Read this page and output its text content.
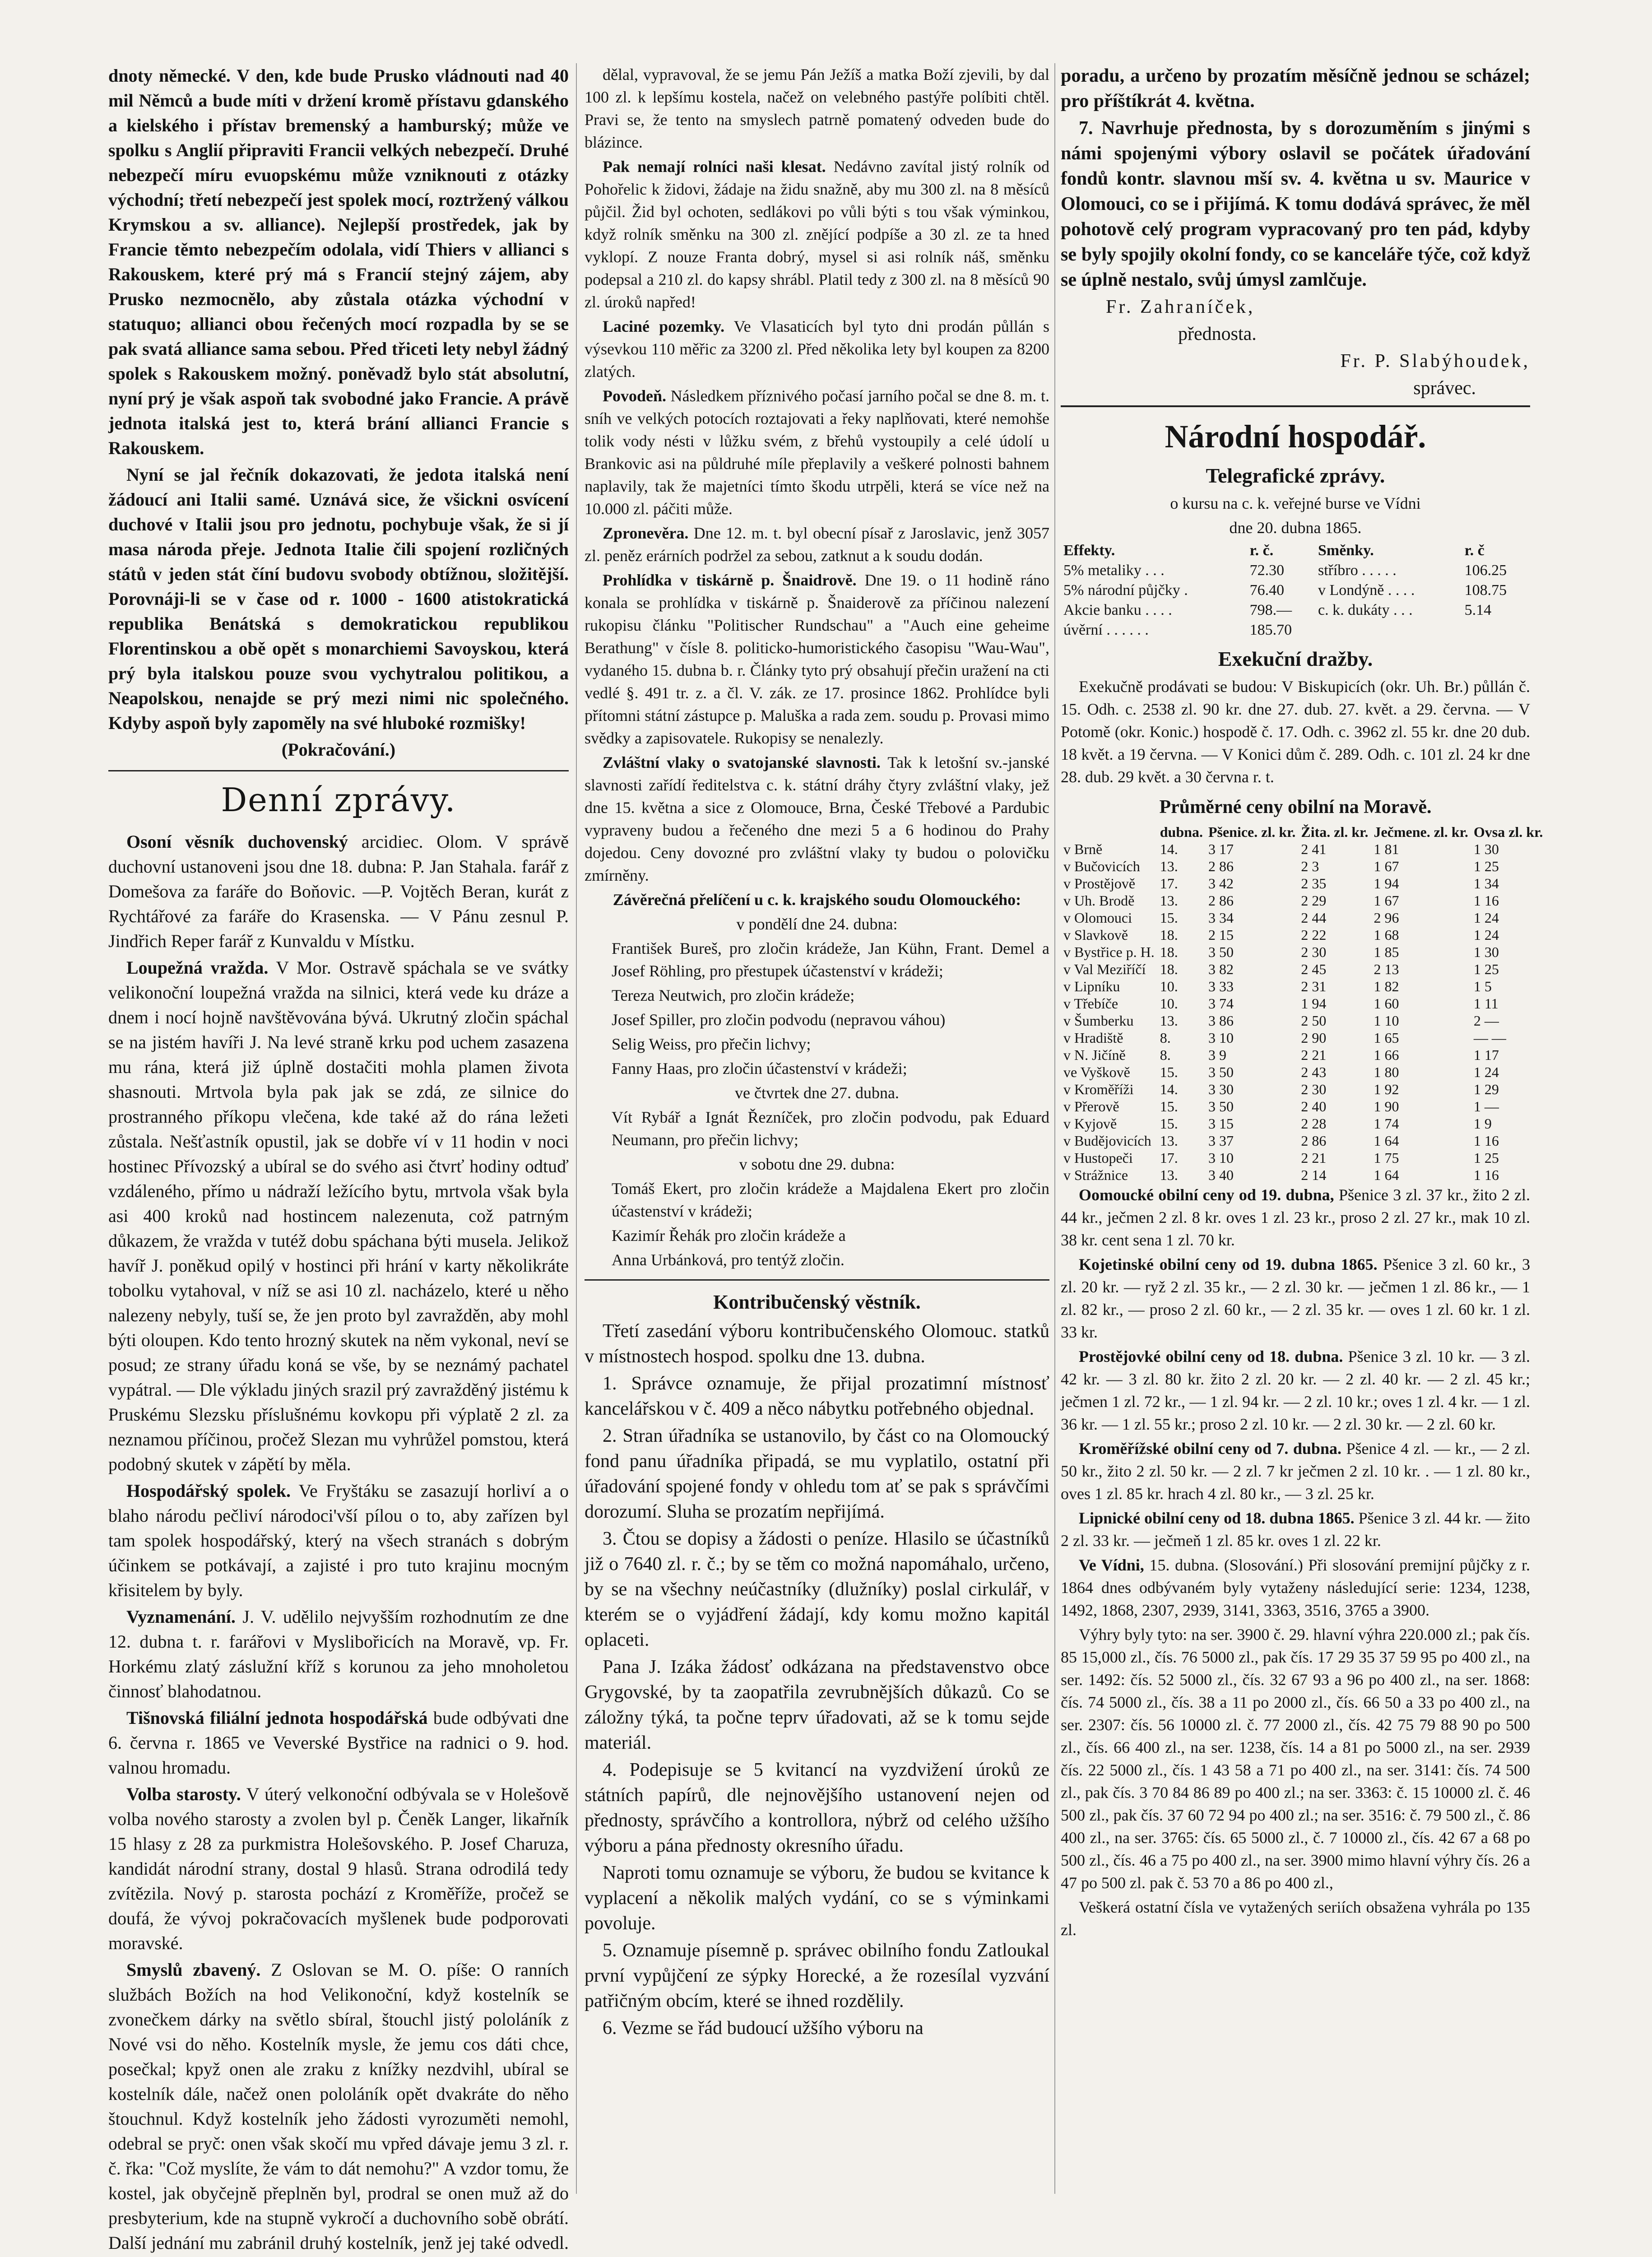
dnoty německé. V den, kde bude Prusko vládnouti nad 40 mil Němců a bude míti v držení kromě přístavu gdanského a kielského i přístav bremenský a hamburský; může ve spolku s Anglií připraviti Francii velkých nebezpečí. Druhé nebezpečí míru evuopskému může vzniknouti z otázky východní; třetí nebezpečí jest spolek mocí, roztržený válkou Krymskou a sv. alliance). Nejlepší prostředek, jak by Francie těmto nebezpečím odolala, vidí Thiers v allianci s Rakouskem, které prý má s Francií stejný zájem, aby Prusko nezmocnělo, aby zůstala otázka východní v statuquo; allianci obou řečených mocí rozpadla by se se pak svatá alliance sama sebou. Před třiceti lety nebyl žádný spolek s Rakouskem možný. poněvadž bylo stát absolutní, nyní prý je však aspoň tak svobodné jako Francie. A právě jednota italská jest to, která brání allianci Francie s Rakouskem.

Nyní se jal řečník dokazovati, že jedota italská není žádoucí ani Italii samé. Uznává sice, že všickni osvícení duchové v Italii jsou pro jednotu, pochybuje však, že si jí masa národa přeje. Jednota Italie čili spojení rozličných států v jeden stát číní budovu svobody obtížnou, složitější. Porovnáji-li se v čase od r. 1000 - 1600 atistokratická republika Benátská s demokratickou republikou Florentinskou a obě opět s monarchiemi Savoyskou, která prý byla italskou pouze svou vychytralou politikou, a Neapolskou, nenajde se prý mezi nimi nic společného. Kdyby aspoň byly zapoměly na své hluboké rozmišky!

(Pokračování.)

Denní zprávy.

Osoní věsník duchovenský arcidiec. Olom. V správě duchovní ustanoveni jsou dne 18. dubna: P. Jan Stahala. farář z Domešova za faráře do Boňovic. —P. Vojtěch Beran, kurát z Rychtářové za faráře do Krasenska. — V Pánu zesnul P. Jindřich Reper farář z Kunvaldu v Místku.

Loupežná vražda. V Mor. Ostravě spáchala se ve svátky velikonoční loupežná vražda na silnici, která vede ku dráze a dnem i nocí hojně navštěvována bývá. Ukrutný zločin spáchal se na jistém havíři J. Na levé straně krku pod uchem zasazena mu rána, která již úplně dostačiti mohla plamen života shasnouti. Mrtvola byla pak jak se zdá, ze silnice do prostranného příkopu vlečena, kde také až do rána ležeti zůstala. Nešťastník opustil, jak se dobře ví v 11 hodin v noci hostinec Přívozský a ubíral se do svého asi čtvrť hodiny odtuď vzdáleného, přímo u nádraží ležícího bytu, mrtvola však byla asi 400 kroků nad hostincem nalezenuta, což patrným důkazem, že vražda v tutéž dobu spáchana býti musela. Jelikož havíř J. poněkud opilý v hostinci při hrání v karty několikráte tobolku vytahoval, v níž se asi 10 zl. nacházelo, které u něho nalezeny nebyly, tuší se, že jen proto byl zavražděn, aby mohl býti oloupen. Kdo tento hrozný skutek na něm vykonal, neví se posud; ze strany úřadu koná se vše, by se neznámý pachatel vypátral. — Dle výkladu jiných srazil prý zavražděný jistému k Pruskému Slezsku příslušnému kovkopu při výplatě 2 zl. za neznamou příčinou, pročež Slezan mu vyhrůžel pomstou, která podobný skutek v zápětí by měla.

Hospodářský spolek. Ve Fryštáku se zasazují horliví a o blaho národu pečliví národoci'vší pílou o to, aby zařízen byl tam spolek hospodářský, který na všech stranách s dobrým účinkem se potkávají, a zajisté i pro tuto krajinu mocným křisitelem by byly.

Vyznamenání. J. V. udělilo nejvyšším rozhodnutím ze dne 12. dubna t. r. farářovi v Myslibořicích na Moravě, vp. Fr. Horkému zlatý záslužní kříž s korunou za jeho mnoholetou činnosť blahodatnou.

Tišnovská filiální jednota hospodářská bude odbývati dne 6. června r. 1865 ve Veverské Bystřice na radnici o 9. hod. valnou hromadu.

Volba starosty. V úterý velkonoční odbývala se v Holešově volba nového starosty a zvolen byl p. Čeněk Langer, likařník 15 hlasy z 28 za purkmistra Holešovského. P. Josef Charuza, kandidát národní strany, dostal 9 hlasů. Strana odrodilá tedy zvítězila. Nový p. starosta pochází z Kroměříže, pročež se doufá, že vývoj pokračovacích myšlenek bude podporovati moravské.

Smyslů zbavený. Z Oslovan se M. O. píše: O ranních službách Božích na hod Velikonoční, když kostelník se zvonečkem dárky na světlo sbíral, štouchl jistý pololáník z Nové vsi do něho. Kostelník mysle, že jemu cos dáti chce, posečkal; kpyž onen ale zraku z knížky nezdvihl, ubíral se kostelník dále, načež onen pololáník opět dvakráte do něho štouchnul. Když kostelník jeho žádosti vyrozuměti nemohl, odebral se pryč: onen však skočí mu vpřed dávaje jemu 3 zl. r. č. řka: "Což myslíte, že vám to dát nemohu?" A vzdor tomu, že kostel, jak obyčejně přeplněn byl, prodral se onen muž až do presbyterium, kde na stupně vykročí a duchovního sobě obrátí. Další jednání mu zabránil druhý kostelník, jenž jej také odvedl.

dělal, vypravoval, že se jemu Pán Ježíš a matka Boží zjevili, by dal 100 zl. k lepšímu kostela, načež on velebného pastýře políbiti chtěl. Pravi se, že tento na smyslech patrně pomatený odveden bude do blázince.

Pak nemají rolníci naši klesat. Nedávno zavítal jistý rolník od Pohořelic k židovi, žádaje na židu snažně, aby mu 300 zl. na 8 měsíců půjčil. Žid byl ochoten, sedlákovi po vůli býti s tou však výminkou, když rolník směnku na 300 zl. znějící podpíše a 30 zl. ze ta hned vyklopí. Z nouze Franta dobrý, mysel si asi rolník náš, směnku podepsal a 210 zl. do kapsy shrábl. Platil tedy z 300 zl. na 8 měsíců 90 zl. úroků napřed!

Laciné pozemky. Ve Vlasaticích byl tyto dni prodán půllán s výsevkou 110 měřic za 3200 zl. Před několika lety byl koupen za 8200 zlatých.

Povodeň. Následkem příznivého počasí jarního počal se dne 8. m. t. sníh ve velkých potocích roztajovati a řeky naplňovati, které nemohše tolik vody nésti v lůžku svém, z břehů vystoupily a celé údolí u Brankovic asi na půldruhé míle přeplavily a veškeré polnosti bahnem naplavily, tak že majetníci tímto škodu utrpěli, která se více než na 10.000 zl. páčiti může.

Zpronevěra. Dne 12. m. t. byl obecní písař z Jaroslavic, jenž 3057 zl. peněz erárních podržel za sebou, zatknut a k soudu dodán.

Prohlídka v tiskárně p. Šnaidrově. Dne 19. o 11 hodině ráno konala se prohlídka v tiskárně p. Šnaiderově za příčinou nalezení rukopisu článku "Politischer Rundschau" a "Auch eine geheime Berathung" v čísle 8. politicko-humoristického časopisu "Wau-Wau", vydaného 15. dubna b. r. Články tyto prý obsahují přečin uražení na cti vedlé §. 491 tr. z. a čl. V. zák. ze 17. prosince 1862. Prohlídce byli přítomni státní zástupce p. Maluška a rada zem. soudu p. Provasi mimo svědky a zapisovatele. Rukopisy se nenalezly.

Zvláštní vlaky o svatojanské slavnosti. Tak k letošní sv.-janské slavnosti zařídí ředitelstva c. k. státní dráhy čtyry zvláštní vlaky, jež dne 15. května a sice z Olomouce, Brna, České Třebové a Pardubic vypraveny budou a řečeného dne mezi 5 a 6 hodinou do Prahy dojedou. Ceny dovozné pro zvláštní vlaky ty budou o polovičku zmírněny.

Závěrečná přelíčení u c. k. krajského soudu Olomouckého:

v pondělí dne 24. dubna:

František Bureš, pro zločin krádeže, Jan Kühn, Frant. Demel a Josef Röhling, pro přestupek účastenství v krádeži;

Tereza Neutwich, pro zločin krádeže;

Josef Spiller, pro zločin podvodu (nepravou váhou)

Selig Weiss, pro přečin lichvy;

Fanny Haas, pro zločin účastenství v krádeži;

ve čtvrtek dne 27. dubna.

Vít Rybář a Ignát Řezníček, pro zločin podvodu, pak Eduard Neumann, pro přečin lichvy;

v sobotu dne 29. dubna:

Tomáš Ekert, pro zločin krádeže a Majdalena Ekert pro zločin účastenství v krádeži;

Kazimír Řehák pro zločin krádeže a

Anna Urbánková, pro tentýž zločin.

Kontribučenský věstník.

Třetí zasedání výboru kontribučenského Olomouc. statků v místnostech hospod. spolku dne 13. dubna.

1. Správce oznamuje, že přijal prozatimní místnosť kancelářskou v č. 409 a něco nábytku potřebného objednal.

2. Stran úřadníka se ustanovilo, by část co na Olomoucký fond panu úřadníka připadá, se mu vyplatilo, ostatní při úřadování spojené fondy v ohledu tom ať se pak s správčími dorozumí. Sluha se prozatím nepřijímá.

3. Čtou se dopisy a žádosti o peníze. Hlasilo se účastníků již o 7640 zl. r. č.; by se těm co možná napomáhalo, určeno, by se na všechny neúčastníky (dlužníky) poslal cirkulář, v kterém se o vyjádření žádají, kdy komu možno kapitál oplaceti.

Pana J. Izáka žádosť odkázana na představenstvo obce Grygovské, by ta zaopatřila zevrubnějších důkazů. Co se záložny týká, ta počne teprv úřadovati, až se k tomu sejde materiál.

4. Podepisuje se 5 kvitancí na vyzdvižení úroků ze státních papírů, dle nejnovějšího ustanovení nejen od přednosty, správčího a kontrollora, nýbrž od celého užšího výboru a pána přednosty okresního úřadu.

Naproti tomu oznamuje se výboru, že budou se kvitance k vyplacení a několik malých vydání, co se s výminkami povoluje.

5. Oznamuje písemně p. správec obilního fondu Zatloukal první vypůjčení ze sýpky Horecké, a že rozesílal vyzvání patřičným obcím, které se ihned rozdělily.

6. Vezme se řád budoucí užšího výboru na

poradu, a určeno by prozatím měsíčně jednou se scházel; pro příštíkrát 4. května.

7. Navrhuje přednosta, by s dorozuměním s jinými s námi spojenými výbory oslavil se počátek úřadování fondů kontr. slavnou mší sv. 4. května u sv. Maurice v Olomouci, co se i přijímá. K tomu dodává správec, že měl pohotově celý program vypracovaný pro ten pád, kdyby se byly spojily okolní fondy, co se kanceláře týče, což když se úplně nestalo, svůj úmysl zamlčuje.

Fr. Zahraníček,

přednosta.

Fr. P. Slabýhoudek,

správec.

Národní hospodář.
Telegrafické zprávy.

o kursu na c. k. veřejné burse ve Vídni

dne 20. dubna 1865.

Effekty.	r. č.	Směnky.	r. č
5% metaliky . . .	72.30	stříbro . . . . .	106.25
5% národní půjčky .	76.40	v Londýně . . . .	108.75
Akcie banku . . . .	798.—	c. k. dukáty . . .	5.14
úvěrní . . . . . .	185.70		
Exekuční dražby.

Exekučně prodávati se budou: V Biskupicích (okr. Uh. Br.) půllán č. 15. Odh. c. 2538 zl. 90 kr. dne 27. dub. 27. květ. a 29. června. — V Potomě (okr. Konic.) hospodě č. 17. Odh. c. 3962 zl. 55 kr. dne 20 dub. 18 květ. a 19 června. — V Konici dům č. 289. Odh. c. 101 zl. 24 kr dne 28. dub. 29 květ. a 30 června r. t.

Průměrné ceny obilní na Moravě.
	dubna.	Pšenice. zl. kr.	Žita. zl. kr.	Ječmene. zl. kr.	Ovsa zl. kr.
v Brně	14.	3 17	2 41	1 81	1 30
v Bučovicích	13.	2 86	2 3	1 67	1 25
v Prostějově	17.	3 42	2 35	1 94	1 34
v Uh. Brodě	13.	2 86	2 29	1 67	1 16
v Olomouci	15.	3 34	2 44	2 96	1 24
v Slavkově	18.	2 15	2 22	1 68	1 24
v Bystřice p. H.	18.	3 50	2 30	1 85	1 30
v Val Meziříčí	18.	3 82	2 45	2 13	1 25
v Lipníku	10.	3 33	2 31	1 82	1 5
v Třebíče	10.	3 74	1 94	1 60	1 11
v Šumberku	13.	3 86	2 50	1 10	2 —
v Hradiště	8.	3 10	2 90	1 65	— —
v N. Jičíně	8.	3 9	2 21	1 66	1 17
ve Vyškově	15.	3 50	2 43	1 80	1 24
v Kroměříži	14.	3 30	2 30	1 92	1 29
v Přerově	15.	3 50	2 40	1 90	1 —
v Kyjově	15.	3 15	2 28	1 74	1 9
v Budějovicích	13.	3 37	2 86	1 64	1 16
v Hustopeči	17.	3 10	2 21	1 75	1 25
v Strážnice	13.	3 40	2 14	1 64	1 16

Oomoucké obilní ceny od 19. dubna, Pšenice 3 zl. 37 kr., žito 2 zl. 44 kr., ječmen 2 zl. 8 kr. oves 1 zl. 23 kr., proso 2 zl. 27 kr., mak 10 zl. 38 kr. cent sena 1 zl. 70 kr.

Kojetinské obilní ceny od 19. dubna 1865. Pšenice 3 zl. 60 kr., 3 zl. 20 kr. — ryž 2 zl. 35 kr., — 2 zl. 30 kr. — ječmen 1 zl. 86 kr., — 1 zl. 82 kr., — proso 2 zl. 60 kr., — 2 zl. 35 kr. — oves 1 zl. 60 kr. 1 zl. 33 kr.

Prostějovké obilní ceny od 18. dubna. Pšenice 3 zl. 10 kr. — 3 zl. 42 kr. — 3 zl. 80 kr. žito 2 zl. 20 kr. — 2 zl. 40 kr. — 2 zl. 45 kr.; ječmen 1 zl. 72 kr., — 1 zl. 94 kr. — 2 zl. 10 kr.; oves 1 zl. 4 kr. — 1 zl. 36 kr. — 1 zl. 55 kr.; proso 2 zl. 10 kr. — 2 zl. 30 kr. — 2 zl. 60 kr.

Kroměřížské obilní ceny od 7. dubna. Pšenice 4 zl. — kr., — 2 zl. 50 kr., žito 2 zl. 50 kr. — 2 zl. 7 kr ječmen 2 zl. 10 kr. . — 1 zl. 80 kr., oves 1 zl. 85 kr. hrach 4 zl. 80 kr., — 3 zl. 25 kr.

Lipnické obilní ceny od 18. dubna 1865. Pšenice 3 zl. 44 kr. — žito 2 zl. 33 kr. — ječmeň 1 zl. 85 kr. oves 1 zl. 22 kr.

Ve Vídni, 15. dubna. (Slosování.) Při slosování premijní půjčky z r. 1864 dnes odbývaném byly vytaženy následující serie: 1234, 1238, 1492, 1868, 2307, 2939, 3141, 3363, 3516, 3765 a 3900.

Výhry byly tyto: na ser. 3900 č. 29. hlavní výhra 220.000 zl.; pak čís. 85 15,000 zl., čís. 76 5000 zl., pak čís. 17 29 35 37 59 95 po 400 zl., na ser. 1492: čís. 52 5000 zl., čís. 32 67 93 a 96 po 400 zl., na ser. 1868: čís. 74 5000 zl., čís. 38 a 11 po 2000 zl., čís. 66 50 a 33 po 400 zl., na ser. 2307: čís. 56 10000 zl. č. 77 2000 zl., čís. 42 75 79 88 90 po 500 zl., čís. 66 400 zl., na ser. 1238, čís. 14 a 81 po 5000 zl., na ser. 2939 čís. 22 5000 zl., čís. 1 43 58 a 71 po 400 zl., na ser. 3141: čís. 74 500 zl., pak čís. 3 70 84 86 89 po 400 zl.; na ser. 3363: č. 15 10000 zl. č. 46 500 zl., pak čís. 37 60 72 94 po 400 zl.; na ser. 3516: č. 79 500 zl., č. 86 400 zl., na ser. 3765: čís. 65 5000 zl., č. 7 10000 zl., čís. 42 67 a 68 po 500 zl., čís. 46 a 75 po 400 zl., na ser. 3900 mimo hlavní výhry čís. 26 a 47 po 500 zl. pak č. 53 70 a 86 po 400 zl.,

Veškerá ostatní čísla ve vytažených seriích obsažena vyhrála po 135 zl.
